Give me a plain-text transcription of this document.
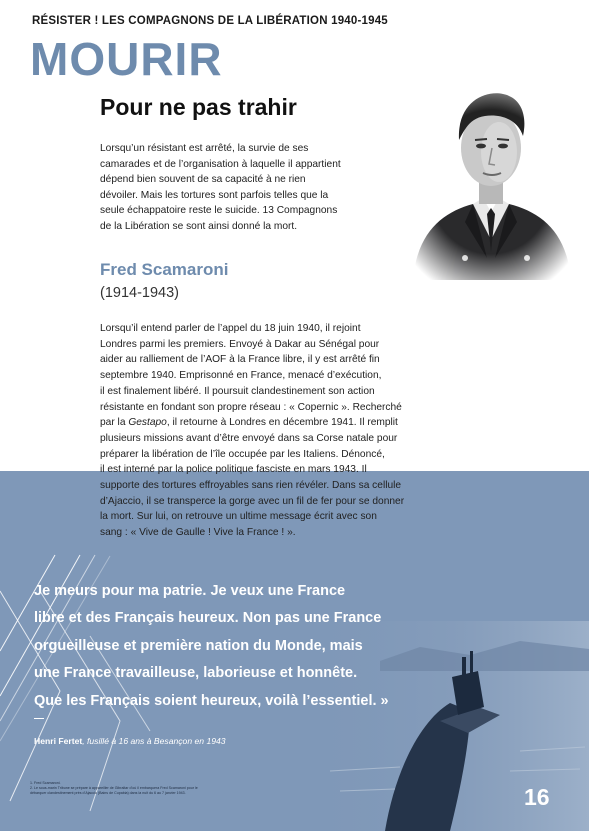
RÉSISTER ! LES COMPAGNONS DE LA LIBÉRATION 1940-1945
MOURIR
Pour ne pas trahir
Lorsqu’un résistant est arrêté, la survie de ses
camarades et de l’organisation à laquelle il appartient
dépend bien souvent de sa capacité à ne rien
dévoiler. Mais les tortures sont parfois telles que la
seule échappatoire reste le suicide. 13 Compagnons
de la Libération se sont ainsi donné la mort.
Fred Scamaroni
(1914-1943)
Lorsqu’il entend parler de l’appel du 18 juin 1940, il rejoint
Londres parmi les premiers. Envoyé à Dakar au Sénégal pour
aider au ralliement de l’AOF à la France libre, il y est arrêté fin
septembre 1940. Emprisonné en France, menacé d’exécution,
il est finalement libéré. Il poursuit clandestinement son action
résistante en fondant son propre réseau : « Copernic ». Recherché
par la Gestapo, il retourne à Londres en décembre 1941. Il remplit
plusieurs missions avant d’être envoyé dans sa Corse natale pour
préparer la libération de l’île occupée par les Italiens. Dénoncé,
il est interné par la police politique fasciste en mars 1943. Il
supporte des tortures effroyables sans rien révéler. Dans sa cellule
d’Ajaccio, il se transperce la gorge avec un fil de fer pour se donner
la mort. Sur lui, on retrouve un ultime message écrit avec son
sang : « Vive de Gaulle ! Vive la France ! ».
Je meurs pour ma patrie. Je veux une France
libre et des Français heureux. Non pas une France
orgueilleuse et première nation du Monde, mais
une France travailleuse, laborieuse et honnête.
Que les Français soient heureux, voilà l’essentiel. »
Henri Fertet, fusillé à 16 ans à Besançon en 1943
1. Fred Scamaroni.
2. Le sous-marin Tribune se prépare à appareiller de Gibraltar d’où il embarquera Fred Scamaroni pour le
débarquer clandestinement près d’Ajaccio (Bains de Cupabia) dans la nuit du 6 au 7 janvier 1943.	16
